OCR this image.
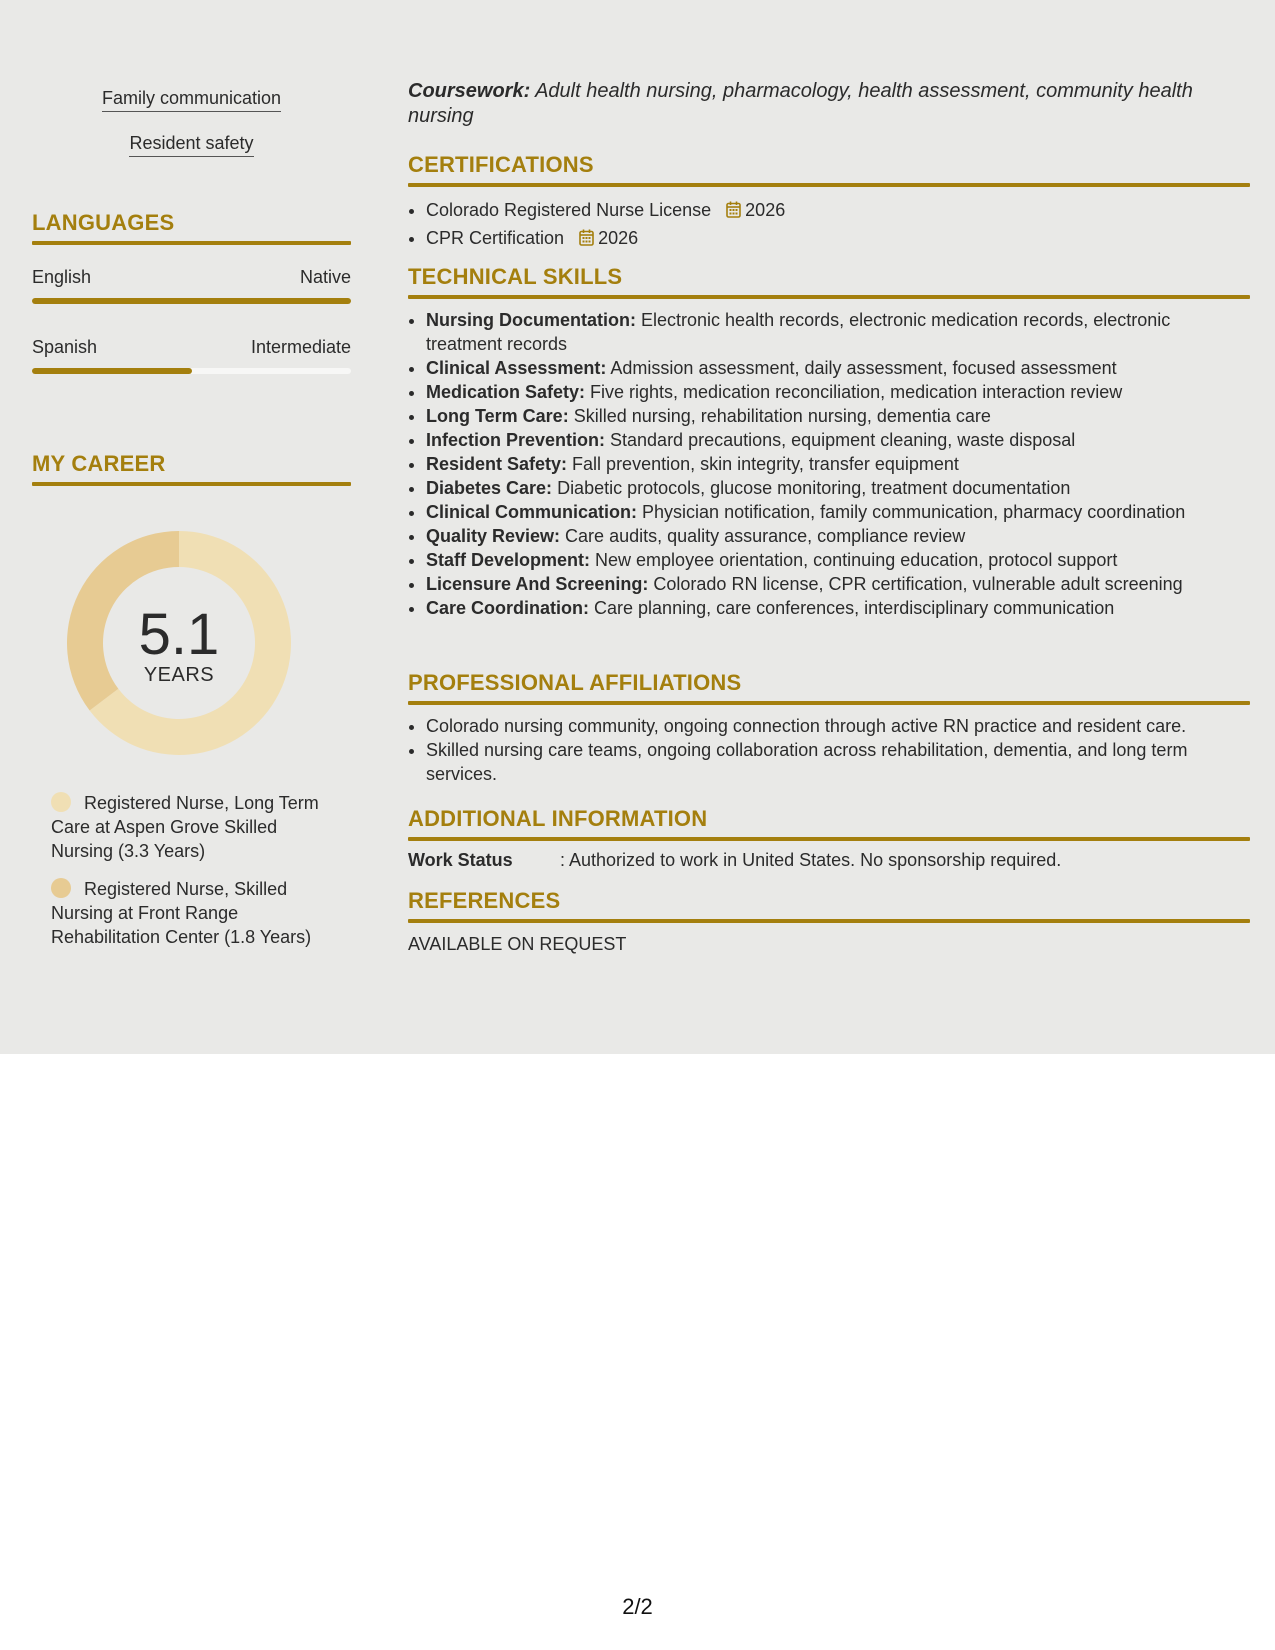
Family communication
Resident safety
LANGUAGES
English	Native
Spanish	Intermediate
MY CAREER
5.1
YEARS
Registered Nurse, Long Term Care at Aspen Grove Skilled Nursing (3.3 Years)
Registered Nurse, Skilled Nursing at Front Range Rehabilitation Center (1.8 Years)
Coursework: Adult health nursing, pharmacology, health assessment, community health nursing
CERTIFICATIONS
• Colorado Registered Nurse License 2026
• CPR Certification 2026
TECHNICAL SKILLS
• Nursing Documentation: Electronic health records, electronic medication records, electronic treatment records
• Clinical Assessment: Admission assessment, daily assessment, focused assessment
• Medication Safety: Five rights, medication reconciliation, medication interaction review
• Long Term Care: Skilled nursing, rehabilitation nursing, dementia care
• Infection Prevention: Standard precautions, equipment cleaning, waste disposal
• Resident Safety: Fall prevention, skin integrity, transfer equipment
• Diabetes Care: Diabetic protocols, glucose monitoring, treatment documentation
• Clinical Communication: Physician notification, family communication, pharmacy coordination
• Quality Review: Care audits, quality assurance, compliance review
• Staff Development: New employee orientation, continuing education, protocol support
• Licensure And Screening: Colorado RN license, CPR certification, vulnerable adult screening
• Care Coordination: Care planning, care conferences, interdisciplinary communication
PROFESSIONAL AFFILIATIONS
• Colorado nursing community, ongoing connection through active RN practice and resident care.
• Skilled nursing care teams, ongoing collaboration across rehabilitation, dementia, and long term services.
ADDITIONAL INFORMATION
Work Status	: Authorized to work in United States. No sponsorship required.
REFERENCES
AVAILABLE ON REQUEST
2/2
